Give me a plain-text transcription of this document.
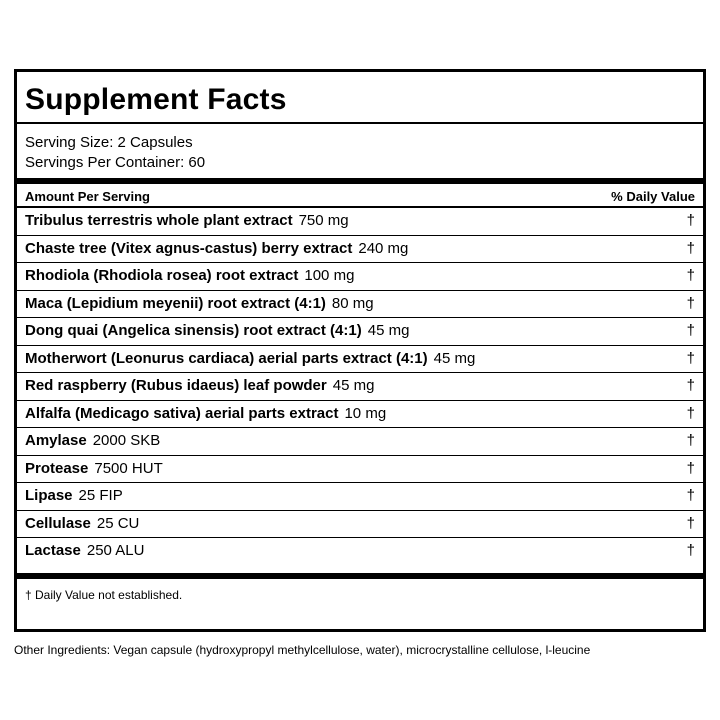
Supplement Facts
Serving Size: 2 Capsules
Servings Per Container: 60
Amount Per Serving	% Daily Value
Tribulus terrestris whole plant extract 750 mg	†
Chaste tree (Vitex agnus-castus) berry extract 240 mg	†
Rhodiola (Rhodiola rosea) root extract 100 mg	†
Maca (Lepidium meyenii) root extract (4:1) 80 mg	†
Dong quai (Angelica sinensis) root extract (4:1) 45 mg	†
Motherwort (Leonurus cardiaca) aerial parts extract (4:1) 45 mg	†
Red raspberry (Rubus idaeus) leaf powder 45 mg	†
Alfalfa (Medicago sativa) aerial parts extract 10 mg	†
Amylase 2000 SKB	†
Protease 7500 HUT	†
Lipase 25 FIP	†
Cellulase 25 CU	†
Lactase 250 ALU	†
† Daily Value not established.
Other Ingredients: Vegan capsule (hydroxypropyl methylcellulose, water), microcrystalline cellulose, l-leucine
